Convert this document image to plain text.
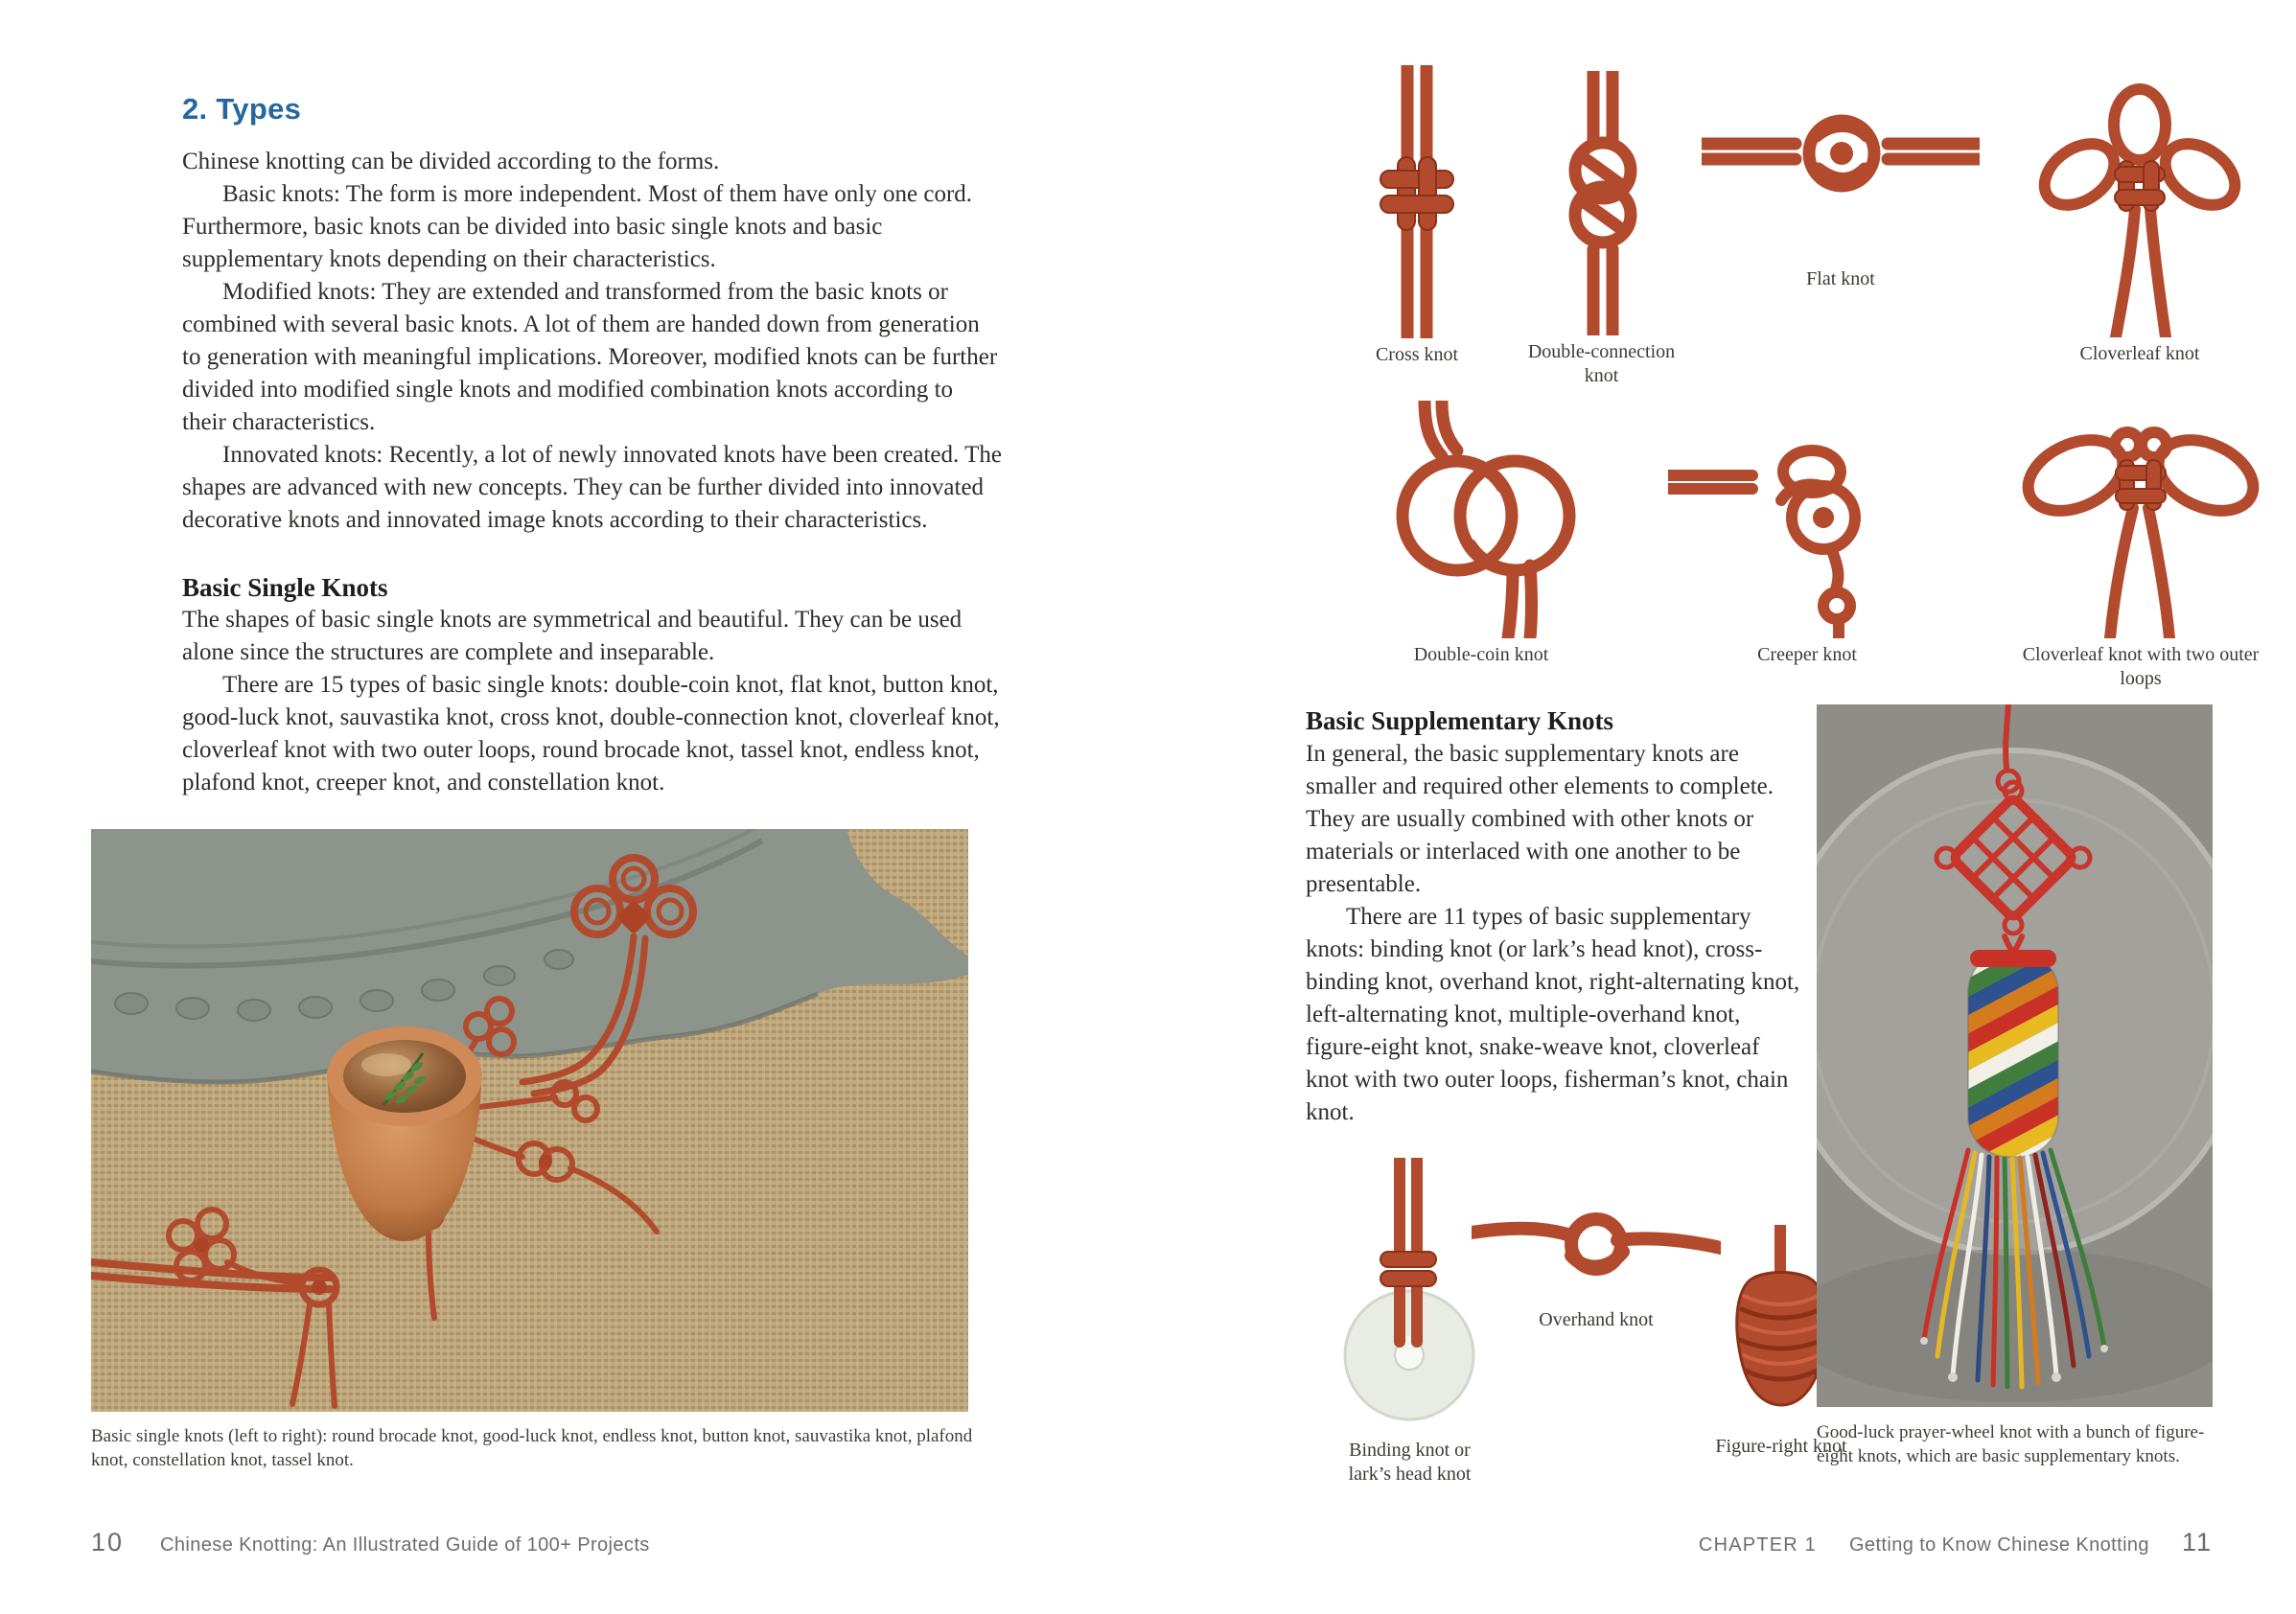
2. Types

Chinese knotting can be divided according to the forms.

Basic knots: The form is more independent. Most of them have only one cord. Furthermore, basic knots can be divided into basic single knots and basic supplementary knots depending on their characteristics.

Modified knots: They are extended and transformed from the basic knots or combined with several basic knots. A lot of them are handed down from generation to generation with meaningful implications. Moreover, modified knots can be further divided into modified single knots and modified combination knots according to their characteristics.

Innovated knots: Recently, a lot of newly innovated knots have been created. The shapes are advanced with new concepts. They can be further divided into innovated decorative knots and innovated image knots according to their characteristics.

Basic Single Knots

The shapes of basic single knots are symmetrical and beautiful. They can be used alone since the structures are complete and inseparable.

There are 15 types of basic single knots: double-coin knot, flat knot, button knot, good-luck knot, sauvastika knot, cross knot, double-connection knot, cloverleaf knot, cloverleaf knot with two outer loops, round brocade knot, tassel knot, endless knot, plafond knot, creeper knot, and constellation knot.

Basic single knots (left to right): round brocade knot, good-luck knot, endless knot, button knot, sauvastika knot, plafond knot, constellation knot, tassel knot.

10 Chinese Knotting: An Illustrated Guide of 100+ Projects
Cross knot	Double-connection knot
Flat knot
Cloverleaf knot
Double-coin knot	Creeper knot	Cloverleaf knot with two outer loops
Basic Supplementary Knots

In general, the basic supplementary knots are smaller and required other elements to complete. They are usually combined with other knots or materials or interlaced with one another to be presentable.

There are 11 types of basic supplementary knots: binding knot (or lark’s head knot), cross-binding knot, overhand knot, right-alternating knot, left-alternating knot, multiple-overhand knot, figure-eight knot, snake-weave knot, cloverleaf knot with two outer loops, fisherman’s knot, chain knot.

Binding knot or lark’s head knot
Overhand knot
Figure-right knot

Good-luck prayer-wheel knot with a bunch of figure-eight knots, which are basic supplementary knots.

CHAPTER 1 Getting to Know Chinese Knotting 11
